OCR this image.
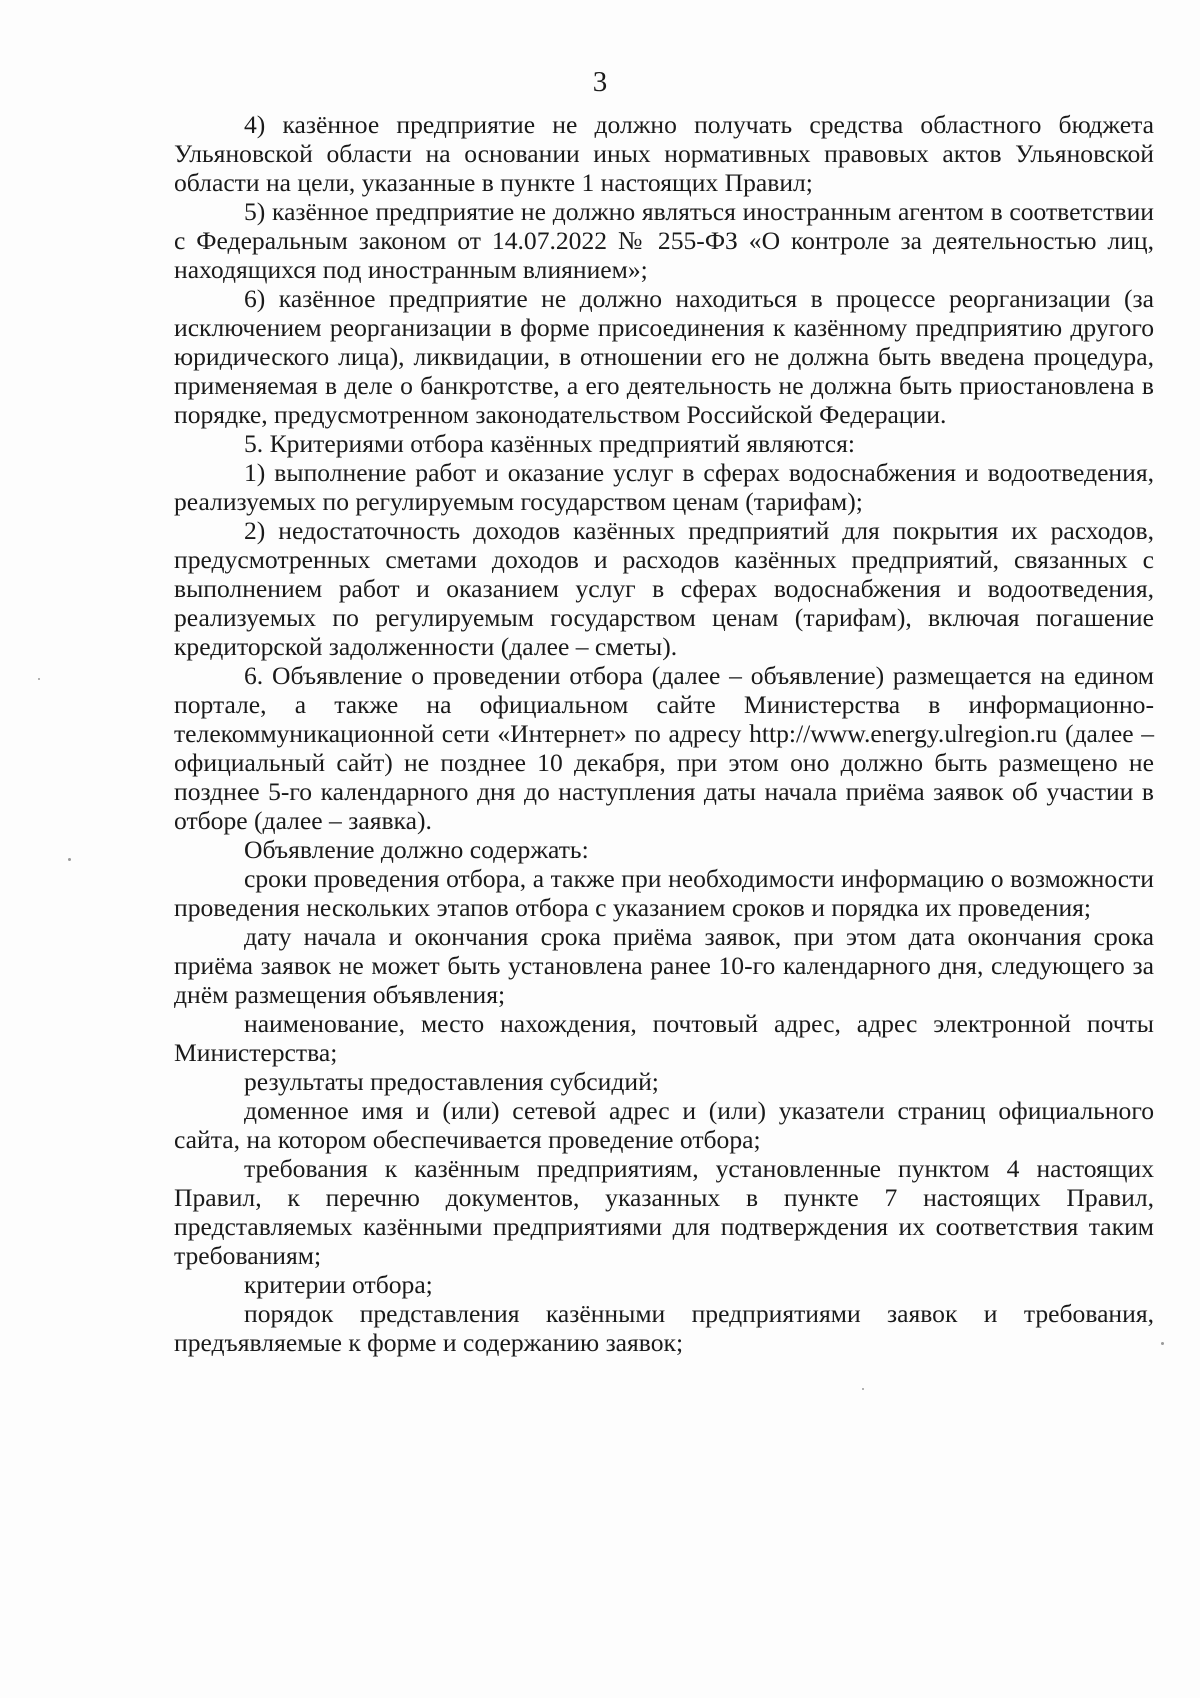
3

4) казённое предприятие не должно получать средства областного бюджета Ульяновской области на основании иных нормативных правовых актов Ульяновской области на цели, указанные в пункте 1 настоящих Правил;

5) казённое предприятие не должно являться иностранным агентом в соответствии с Федеральным законом от 14.07.2022 № 255-ФЗ «О контроле за деятельностью лиц, находящихся под иностранным влиянием»;

6) казённое предприятие не должно находиться в процессе реорганизации (за исключением реорганизации в форме присоединения к казённому предприятию другого юридического лица), ликвидации, в отношении его не должна быть введена процедура, применяемая в деле о банкротстве, а его деятельность не должна быть приостановлена в порядке, предусмотренном законодательством Российской Федерации.

5. Критериями отбора казённых предприятий являются:

1) выполнение работ и оказание услуг в сферах водоснабжения и водоотведения, реализуемых по регулируемым государством ценам (тарифам);

2) недостаточность доходов казённых предприятий для покрытия их расходов, предусмотренных сметами доходов и расходов казённых предприятий, связанных с выполнением работ и оказанием услуг в сферах водоснабжения и водоотведения, реализуемых по регулируемым государством ценам (тарифам), включая погашение кредиторской задолженности (далее – сметы).

6. Объявление о проведении отбора (далее – объявление) размещается на едином портале, а также на официальном сайте Министерства в информационно-телекоммуникационной сети «Интернет» по адресу http://www.energy.ulregion.ru (далее – официальный сайт) не позднее 10 декабря, при этом оно должно быть размещено не позднее 5-го календарного дня до наступления даты начала приёма заявок об участии в отборе (далее – заявка).

Объявление должно содержать:

сроки проведения отбора, а также при необходимости информацию о возможности проведения нескольких этапов отбора с указанием сроков и порядка их проведения;

дату начала и окончания срока приёма заявок, при этом дата окончания срока приёма заявок не может быть установлена ранее 10-го календарного дня, следующего за днём размещения объявления;

наименование, место нахождения, почтовый адрес, адрес электронной почты Министерства;

результаты предоставления субсидий;

доменное имя и (или) сетевой адрес и (или) указатели страниц официального сайта, на котором обеспечивается проведение отбора;

требования к казённым предприятиям, установленные пунктом 4 настоящих Правил, к перечню документов, указанных в пункте 7 настоящих Правил, представляемых казёнными предприятиями для подтверждения их соответствия таким требованиям;

критерии отбора;

порядок представления казёнными предприятиями заявок и требования, предъявляемые к форме и содержанию заявок;
